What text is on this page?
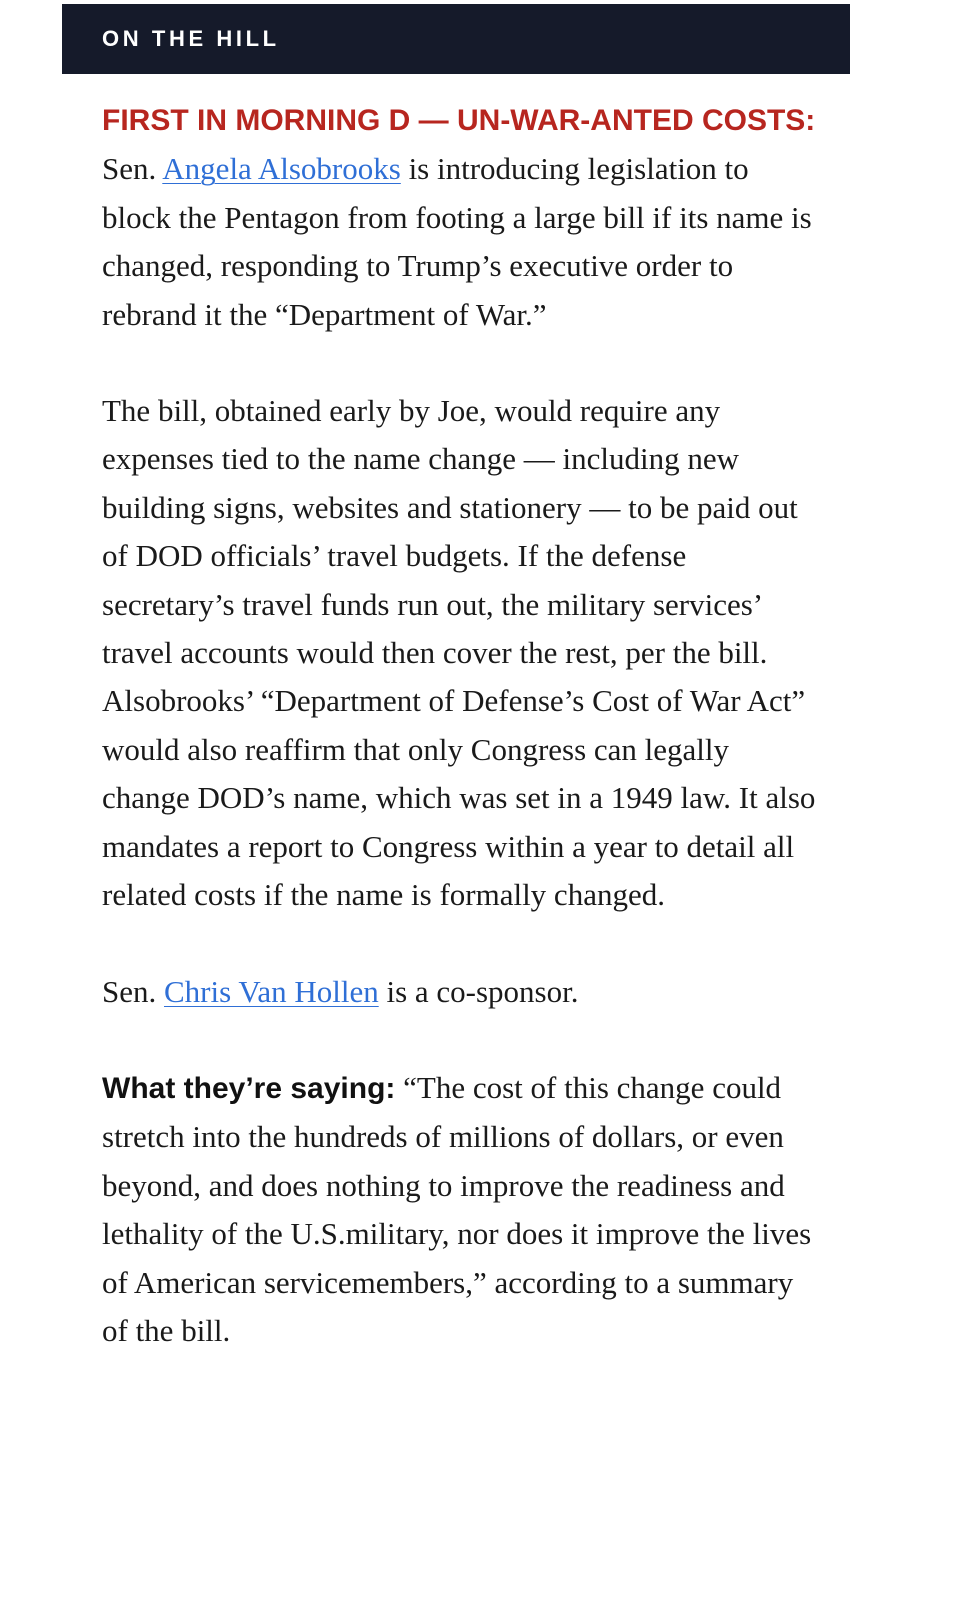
ON THE HILL

FIRST IN MORNING D — UN-WAR-ANTED COSTS: Sen. Angela Alsobrooks is introducing legislation to block the Pentagon from footing a large bill if its name is changed, responding to Trump’s executive order to rebrand it the “Department of War.”

The bill, obtained early by Joe, would require any expenses tied to the name change — including new building signs, websites and stationery — to be paid out of DOD officials’ travel budgets. If the defense secretary’s travel funds run out, the military services’ travel accounts would then cover the rest, per the bill. Alsobrooks’ “Department of Defense’s Cost of War Act” would also reaffirm that only Congress can legally change DOD’s name, which was set in a 1949 law. It also mandates a report to Congress within a year to detail all related costs if the name is formally changed.

Sen. Chris Van Hollen is a co-sponsor.

What they’re saying: “The cost of this change could stretch into the hundreds of millions of dollars, or even beyond, and does nothing to improve the readiness and lethality of the U.S.military, nor does it improve the lives of American servicemembers,” according to a summary of the bill.
